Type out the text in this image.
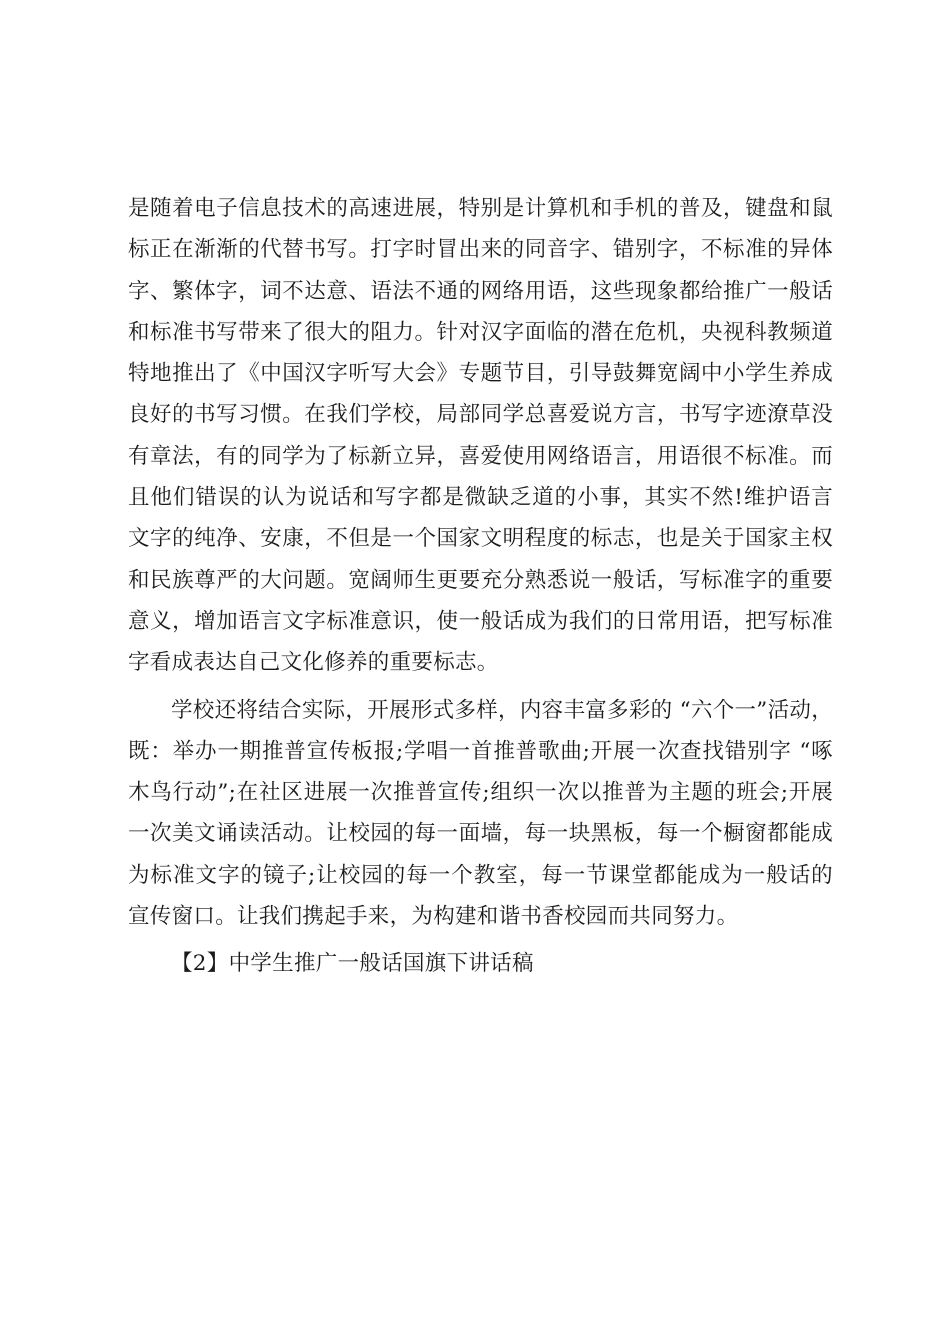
是随着电子信息技术的高速进展，特别是计算机和手机的普及，键盘和鼠标正在渐渐的代替书写。打字时冒出来的同音字、错别字，不标准的异体字、繁体字，词不达意、语法不通的网络用语，这些现象都给推广一般话和标准书写带来了很大的阻力。针对汉字面临的潜在危机，央视科教频道特地推出了《中国汉字听写大会》专题节目，引导鼓舞宽阔中小学生养成良好的书写习惯。在我们学校，局部同学总喜爱说方言，书写字迹潦草没有章法，有的同学为了标新立异，喜爱使用网络语言，用语很不标准。而且他们错误的认为说话和写字都是微缺乏道的小事，其实不然!维护语言文字的纯净、安康，不但是一个国家文明程度的标志，也是关于国家主权和民族尊严的大问题。宽阔师生更要充分熟悉说一般话，写标准字的重要意义，增加语言文字标准意识，使一般话成为我们的日常用语，把写标准字看成表达自己文化修养的重要标志。

学校还将结合实际，开展形式多样，内容丰富多彩的 “六个一”活动，既：举办一期推普宣传板报;学唱一首推普歌曲;开展一次查找错别字 “啄木鸟行动”;在社区进展一次推普宣传;组织一次以推普为主题的班会;开展一次美文诵读活动。让校园的每一面墙，每一块黑板，每一个橱窗都能成为标准文字的镜子;让校园的每一个教室，每一节课堂都能成为一般话的宣传窗口。让我们携起手来，为构建和谐书香校园而共同努力。

【2】中学生推广一般话国旗下讲话稿
